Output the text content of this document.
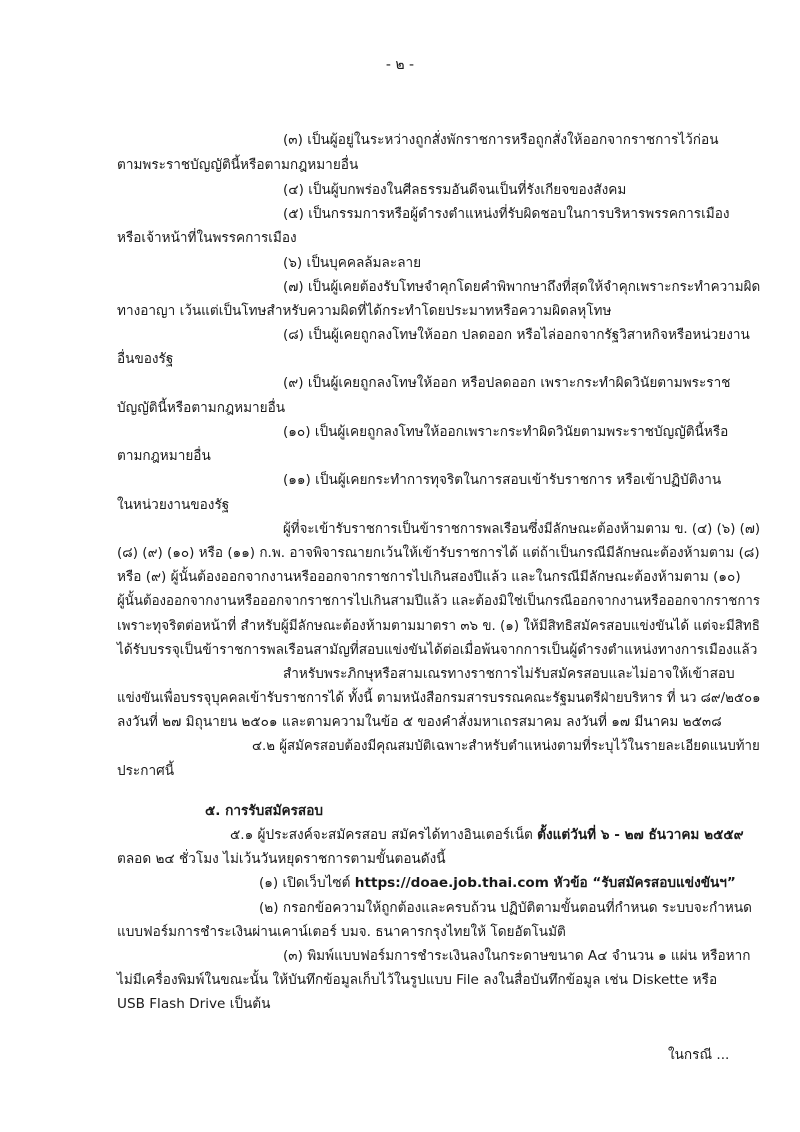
- ๒ -
(๓) เป็นผู้อยู่ในระหว่างถูกสั่งพักราชการหรือถูกสั่งให้ออกจากราชการไว้ก่อน
ตามพระราชบัญญัตินี้หรือตามกฎหมายอื่น
(๔) เป็นผู้บกพร่องในศีลธรรมอันดีจนเป็นที่รังเกียจของสังคม
(๕) เป็นกรรมการหรือผู้ดำรงตำแหน่งที่รับผิดชอบในการบริหารพรรคการเมือง
หรือเจ้าหน้าที่ในพรรคการเมือง
(๖) เป็นบุคคลล้มละลาย
(๗) เป็นผู้เคยต้องรับโทษจำคุกโดยคำพิพากษาถึงที่สุดให้จำคุกเพราะกระทำความผิด
ทางอาญา เว้นแต่เป็นโทษสำหรับความผิดที่ได้กระทำโดยประมาทหรือความผิดลหุโทษ
(๘) เป็นผู้เคยถูกลงโทษให้ออก ปลดออก หรือไล่ออกจากรัฐวิสาหกิจหรือหน่วยงาน
อื่นของรัฐ
(๙) เป็นผู้เคยถูกลงโทษให้ออก หรือปลดออก เพราะกระทำผิดวินัยตามพระราช
บัญญัตินี้หรือตามกฎหมายอื่น
(๑๐) เป็นผู้เคยถูกลงโทษให้ออกเพราะกระทำผิดวินัยตามพระราชบัญญัตินี้หรือ
ตามกฎหมายอื่น
(๑๑) เป็นผู้เคยกระทำการทุจริตในการสอบเข้ารับราชการ หรือเข้าปฏิบัติงาน
ในหน่วยงานของรัฐ
ผู้ที่จะเข้ารับราชการเป็นข้าราชการพลเรือนซึ่งมีลักษณะต้องห้ามตาม ข. (๔) (๖) (๗)
(๘) (๙) (๑๐) หรือ (๑๑) ก.พ. อาจพิจารณายกเว้นให้เข้ารับราชการได้ แต่ถ้าเป็นกรณีมีลักษณะต้องห้ามตาม (๘)
หรือ (๙) ผู้นั้นต้องออกจากงานหรือออกจากราชการไปเกินสองปีแล้ว และในกรณีมีลักษณะต้องห้ามตาม (๑๐)
ผู้นั้นต้องออกจากงานหรือออกจากราชการไปเกินสามปีแล้ว และต้องมิใช่เป็นกรณีออกจากงานหรือออกจากราชการ
เพราะทุจริตต่อหน้าที่ สำหรับผู้มีลักษณะต้องห้ามตามมาตรา ๓๖ ข. (๑) ให้มีสิทธิสมัครสอบแข่งขันได้ แต่จะมีสิทธิ
ได้รับบรรจุเป็นข้าราชการพลเรือนสามัญที่สอบแข่งขันได้ต่อเมื่อพ้นจากการเป็นผู้ดำรงตำแหน่งทางการเมืองแล้ว
สำหรับพระภิกษุหรือสามเณรทางราชการไม่รับสมัครสอบและไม่อาจให้เข้าสอบ
แข่งขันเพื่อบรรจุบุคคลเข้ารับราชการได้ ทั้งนี้ ตามหนังสือกรมสารบรรณคณะรัฐมนตรีฝ่ายบริหาร ที่ นว ๘๙/๒๕๐๑
ลงวันที่ ๒๗ มิถุนายน ๒๕๐๑ และตามความในข้อ ๕ ของคำสั่งมหาเถรสมาคม ลงวันที่ ๑๗ มีนาคม ๒๕๓๘
๔.๒ ผู้สมัครสอบต้องมีคุณสมบัติเฉพาะสำหรับตำแหน่งตามที่ระบุไว้ในรายละเอียดแนบท้าย
ประกาศนี้
๕. การรับสมัครสอบ
๕.๑ ผู้ประสงค์จะสมัครสอบ สมัครได้ทางอินเตอร์เน็ต ตั้งแต่วันที่ ๖ - ๒๗ ธันวาคม ๒๕๕๙
ตลอด ๒๔ ชั่วโมง ไม่เว้นวันหยุดราชการตามขั้นตอนดังนี้
(๑) เปิดเว็บไซต์ https://doae.job.thai.com หัวข้อ “รับสมัครสอบแข่งขันฯ”
(๒) กรอกข้อความให้ถูกต้องและครบถ้วน ปฏิบัติตามขั้นตอนที่กำหนด ระบบจะกำหนด
แบบฟอร์มการชำระเงินผ่านเคาน์เตอร์ บมจ. ธนาคารกรุงไทยให้ โดยอัตโนมัติ
(๓) พิมพ์แบบฟอร์มการชำระเงินลงในกระดาษขนาด A๔ จำนวน ๑ แผ่น หรือหาก
ไม่มีเครื่องพิมพ์ในขณะนั้น ให้บันทึกข้อมูลเก็บไว้ในรูปแบบ File ลงในสื่อบันทึกข้อมูล เช่น Diskette หรือ
USB Flash Drive เป็นต้น
ในกรณี ...
